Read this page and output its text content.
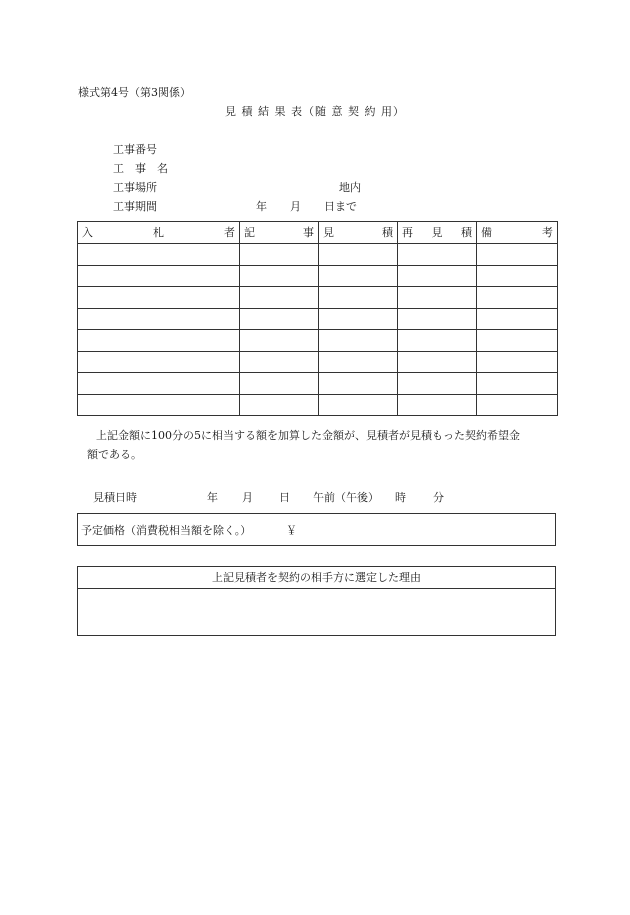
様式第4号（第3関係）
見 積 結 果 表（随 意 契 約 用）
工事番号
工　事　名
工事場所	地内
工事期間	年 月 日まで
入 札 者	記 事	見 積	再 見 積	備 考

上記金額に100分の5に相当する額を加算した金額が、見積者が見積もった契約希望金
額である。
見積日時	年 月 日 午前（午後） 時 分
予定価格（消費税相当額を除く。）	￥
上記見積者を契約の相手方に選定した理由
